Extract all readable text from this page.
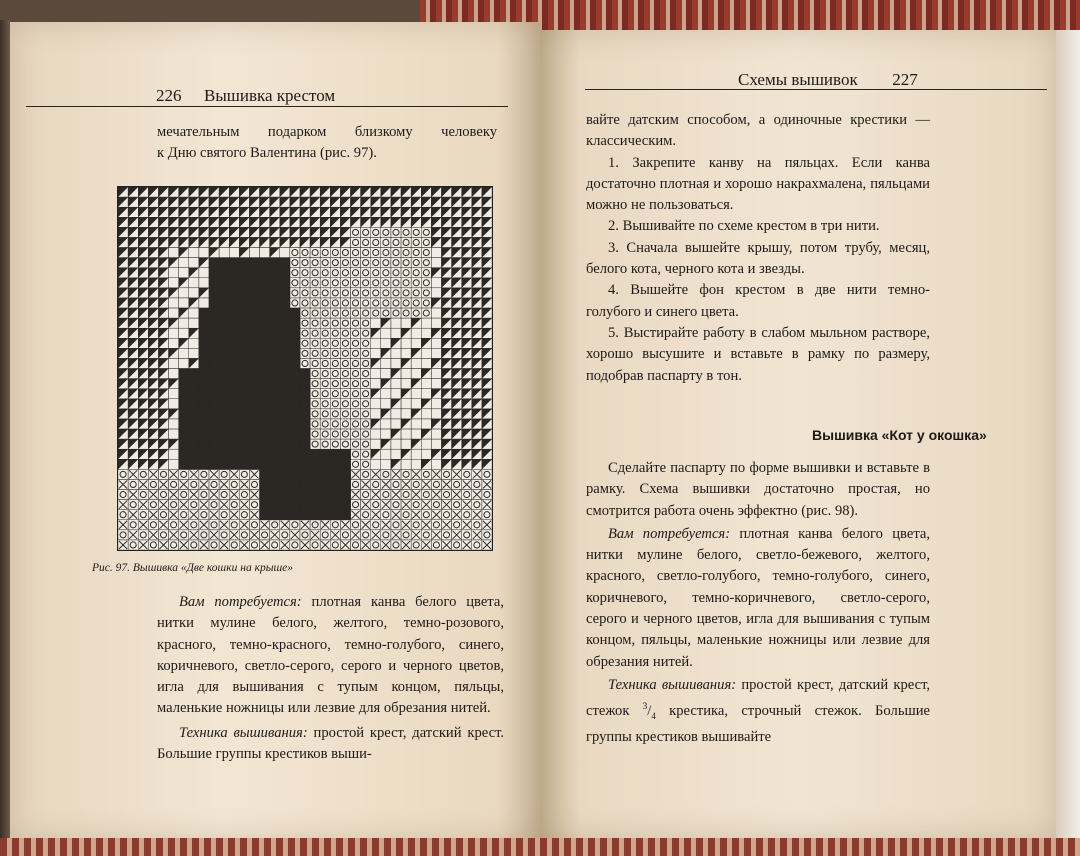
226 Вышивка крестом

мечательным подарком близкому человеку

к Дню святого Валентина (рис. 97).

Рис. 97. Вышивка «Две кошки на крыше»

Вам потребуется: плотная канва белого цвета, нитки мулине белого, желтого, темно-розового, красного, темно-красного, темно-голубого, синего, коричневого, светло-серого, серого и черного цветов, игла для вышивания с тупым концом, пяльцы, маленькие ножницы или лезвие для обрезания нитей.

Техника вышивания: простой крест, датский крест. Большие группы крестиков выши-

Схемы вышивок 227

вайте датским способом, а одиночные крестики — классическим.

1. Закрепите канву на пяльцах. Если канва достаточно плотная и хорошо накрахмалена, пяльцами можно не пользоваться.

2. Вышивайте по схеме крестом в три нити.

3. Сначала вышейте крышу, потом трубу, месяц, белого кота, черного кота и звезды.

4. Вышейте фон крестом в две нити темно-голубого и синего цвета.

5. Выстирайте работу в слабом мыльном растворе, хорошо высушите и вставьте в рамку по размеру, подобрав паспарту в тон.

Вышивка «Кот у окошка»

Сделайте паспарту по форме вышивки и вставьте в рамку. Схема вышивки достаточно простая, но смотрится работа очень эффектно (рис. 98).

Вам потребуется: плотная канва белого цвета, нитки мулине белого, светло-бежевого, желтого, красного, светло-голубого, темно-голубого, синего, коричневого, темно-коричневого, светло-серого, серого и черного цветов, игла для вышивания с тупым концом, пяльцы, маленькие ножницы или лезвие для обрезания нитей.

Техника вышивания: простой крест, датский крест, стежок $^3/_4$ крестика, строчный стежок. Большие группы крестиков вышивайте
